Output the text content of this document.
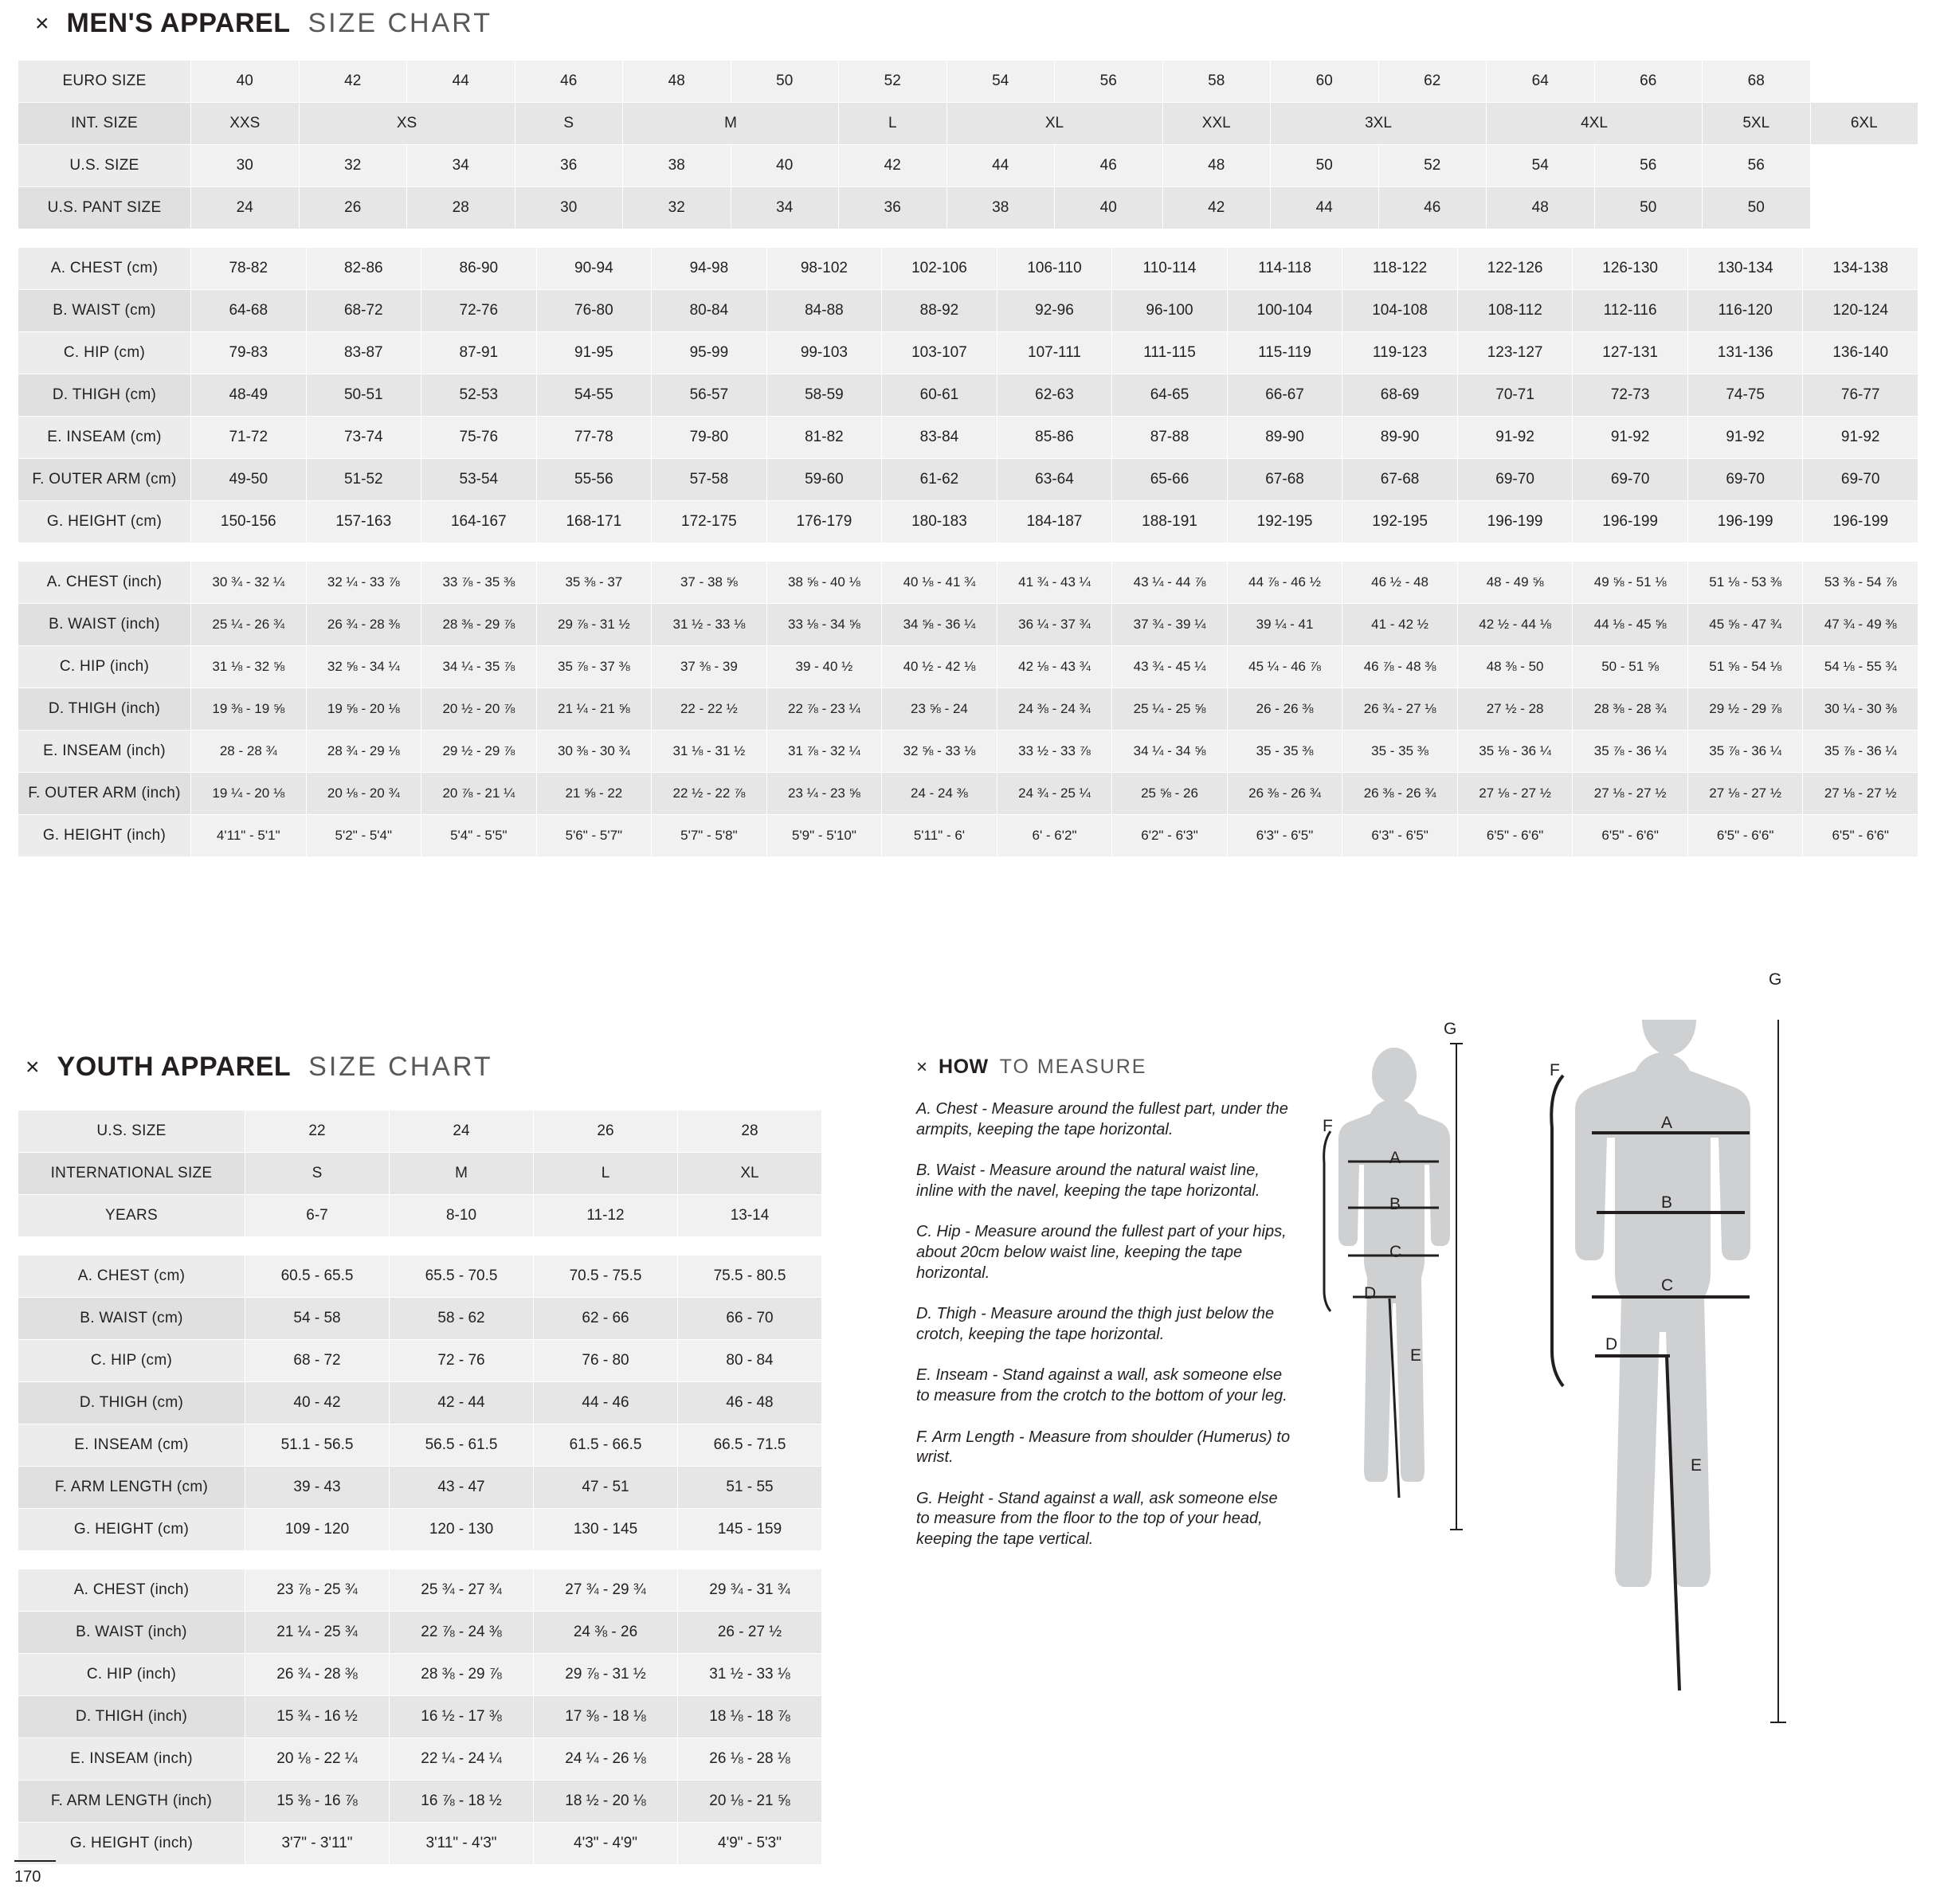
× MEN'S APPAREL SIZE CHART
EURO SIZE	40	42	44	46	48	50	52	54	56	58	60	62	64	66	68	
INT. SIZE	XXS	XS		S	M		L	XL		XXL	3XL		4XL		5XL	6XL
U.S. SIZE	30	32	34	36	38	40	42	44	46	48	50	52	54	56	56	
U.S. PANT SIZE	24	26	28	30	32	34	36	38	40	42	44	46	48	50	50	
A. CHEST (cm)	78-82	82-86	86-90	90-94	94-98	98-102	102-106	106-110	110-114	114-118	118-122	122-126	126-130	130-134	134-138
B. WAIST (cm)	64-68	68-72	72-76	76-80	80-84	84-88	88-92	92-96	96-100	100-104	104-108	108-112	112-116	116-120	120-124
C. HIP (cm)	79-83	83-87	87-91	91-95	95-99	99-103	103-107	107-111	111-115	115-119	119-123	123-127	127-131	131-136	136-140
D. THIGH (cm)	48-49	50-51	52-53	54-55	56-57	58-59	60-61	62-63	64-65	66-67	68-69	70-71	72-73	74-75	76-77
E. INSEAM (cm)	71-72	73-74	75-76	77-78	79-80	81-82	83-84	85-86	87-88	89-90	89-90	91-92	91-92	91-92	91-92
F. OUTER ARM (cm)	49-50	51-52	53-54	55-56	57-58	59-60	61-62	63-64	65-66	67-68	67-68	69-70	69-70	69-70	69-70
G. HEIGHT (cm)	150-156	157-163	164-167	168-171	172-175	176-179	180-183	184-187	188-191	192-195	192-195	196-199	196-199	196-199	196-199
A. CHEST (inch)	30 ¾ - 32 ¼	32 ¼ - 33 ⅞	33 ⅞ - 35 ⅜	35 ⅜ - 37	37 - 38 ⅝	38 ⅝ - 40 ⅛	40 ⅛ - 41 ¾	41 ¾ - 43 ¼	43 ¼ - 44 ⅞	44 ⅞ - 46 ½	46 ½ - 48	48 - 49 ⅝	49 ⅝ - 51 ⅛	51 ⅛ - 53 ⅜	53 ⅜ - 54 ⅞
B. WAIST (inch)	25 ¼ - 26 ¾	26 ¾ - 28 ⅜	28 ⅜ - 29 ⅞	29 ⅞ - 31 ½	31 ½ - 33 ⅛	33 ⅛ - 34 ⅝	34 ⅝ - 36 ¼	36 ¼ - 37 ¾	37 ¾ - 39 ¼	39 ¼ - 41	41 - 42 ½	42 ½ - 44 ⅛	44 ⅛ - 45 ⅝	45 ⅝ - 47 ¾	47 ¾ - 49 ⅜
C. HIP (inch)	31 ⅛ - 32 ⅝	32 ⅝ - 34 ¼	34 ¼ - 35 ⅞	35 ⅞ - 37 ⅜	37 ⅜ - 39	39 - 40 ½	40 ½ - 42 ⅛	42 ⅛ - 43 ¾	43 ¾ - 45 ¼	45 ¼ - 46 ⅞	46 ⅞ - 48 ⅜	48 ⅜ - 50	50 - 51 ⅝	51 ⅝ - 54 ⅛	54 ⅛ - 55 ¾
D. THIGH (inch)	19 ⅜ - 19 ⅝	19 ⅝ - 20 ⅛	20 ½ - 20 ⅞	21 ¼ - 21 ⅝	22 - 22 ½	22 ⅞ - 23 ¼	23 ⅝ - 24	24 ⅜ - 24 ¾	25 ¼ - 25 ⅝	26 - 26 ⅜	26 ¾ - 27 ⅛	27 ½ - 28	28 ⅜ - 28 ¾	29 ½ - 29 ⅞	30 ¼ - 30 ⅜
E. INSEAM (inch)	28 - 28 ¾	28 ¾ - 29 ⅛	29 ½ - 29 ⅞	30 ⅜ - 30 ¾	31 ⅛ - 31 ½	31 ⅞ - 32 ¼	32 ⅝ - 33 ⅛	33 ½ - 33 ⅞	34 ¼ - 34 ⅝	35 - 35 ⅜	35 - 35 ⅜	35 ⅛ - 36 ¼	35 ⅞ - 36 ¼	35 ⅞ - 36 ¼	35 ⅞ - 36 ¼
F. OUTER ARM (inch)	19 ¼ - 20 ⅛	20 ⅛ - 20 ¾	20 ⅞ - 21 ¼	21 ⅝ - 22	22 ½ - 22 ⅞	23 ¼ - 23 ⅝	24 - 24 ⅜	24 ¾ - 25 ¼	25 ⅝ - 26	26 ⅜ - 26 ¾	26 ⅜ - 26 ¾	27 ⅛ - 27 ½	27 ⅛ - 27 ½	27 ⅛ - 27 ½	27 ⅛ - 27 ½
G. HEIGHT (inch)	4'11" - 5'1"	5'2" - 5'4"	5'4" - 5'5"	5'6" - 5'7"	5'7" - 5'8"	5'9" - 5'10"	5'11" - 6'	6' - 6'2"	6'2" - 6'3"	6'3" - 6'5"	6'3" - 6'5"	6'5" - 6'6"	6'5" - 6'6"	6'5" - 6'6"	6'5" - 6'6"
× YOUTH APPAREL SIZE CHART
U.S. SIZE	22	24	26	28
INTERNATIONAL SIZE	S	M	L	XL
YEARS	6-7	8-10	11-12	13-14
A. CHEST (cm)	60.5 - 65.5	65.5 - 70.5	70.5 - 75.5	75.5 - 80.5
B. WAIST (cm)	54 - 58	58 - 62	62 - 66	66 - 70
C. HIP (cm)	68 - 72	72 - 76	76 - 80	80 - 84
D. THIGH (cm)	40 - 42	42 - 44	44 - 46	46 - 48
E. INSEAM (cm)	51.1 - 56.5	56.5 - 61.5	61.5 - 66.5	66.5 - 71.5
F. ARM LENGTH (cm)	39 - 43	43 - 47	47 - 51	51 - 55
G. HEIGHT (cm)	109 - 120	120 - 130	130 - 145	145 - 159
A. CHEST (inch)	23 ⅞ - 25 ¾	25 ¾ - 27 ¾	27 ¾ - 29 ¾	29 ¾ - 31 ¾
B. WAIST (inch)	21 ¼ - 25 ¾	22 ⅞ - 24 ⅜	24 ⅜ - 26	26 - 27 ½
C. HIP (inch)	26 ¾ - 28 ⅜	28 ⅜ - 29 ⅞	29 ⅞ - 31 ½	31 ½ - 33 ⅛
D. THIGH (inch)	15 ¾ - 16 ½	16 ½ - 17 ⅜	17 ⅜ - 18 ⅛	18 ⅛ - 18 ⅞
E. INSEAM (inch)	20 ⅛ - 22 ¼	22 ¼ - 24 ¼	24 ¼ - 26 ⅛	26 ⅛ - 28 ⅛
F. ARM LENGTH (inch)	15 ⅜ - 16 ⅞	16 ⅞ - 18 ½	18 ½ - 20 ⅛	20 ⅛ - 21 ⅝
G. HEIGHT (inch)	3'7" - 3'11"	3'11" - 4'3"	4'3" - 4'9"	4'9" - 5'3"
× HOW TO MEASURE

A. Chest - Measure around the fullest part, under the armpits, keeping the tape horizontal.

B. Waist - Measure around the natural waist line, inline with the navel, keeping the tape horizontal.

C. Hip - Measure around the fullest part of your hips, about 20cm below waist line, keeping the tape horizontal.

D. Thigh - Measure around the thigh just below the crotch, keeping the tape horizontal.

E. Inseam - Stand against a wall, ask someone else to measure from the crotch to the bottom of your leg.

F. Arm Length - Measure from shoulder (Humerus) to wrist.

G. Height - Stand against a wall, ask someone else to measure from the floor to the top of your head, keeping the tape vertical.

A
B
C
D
E
F
G
A
B
C
D
E
F
G
170
